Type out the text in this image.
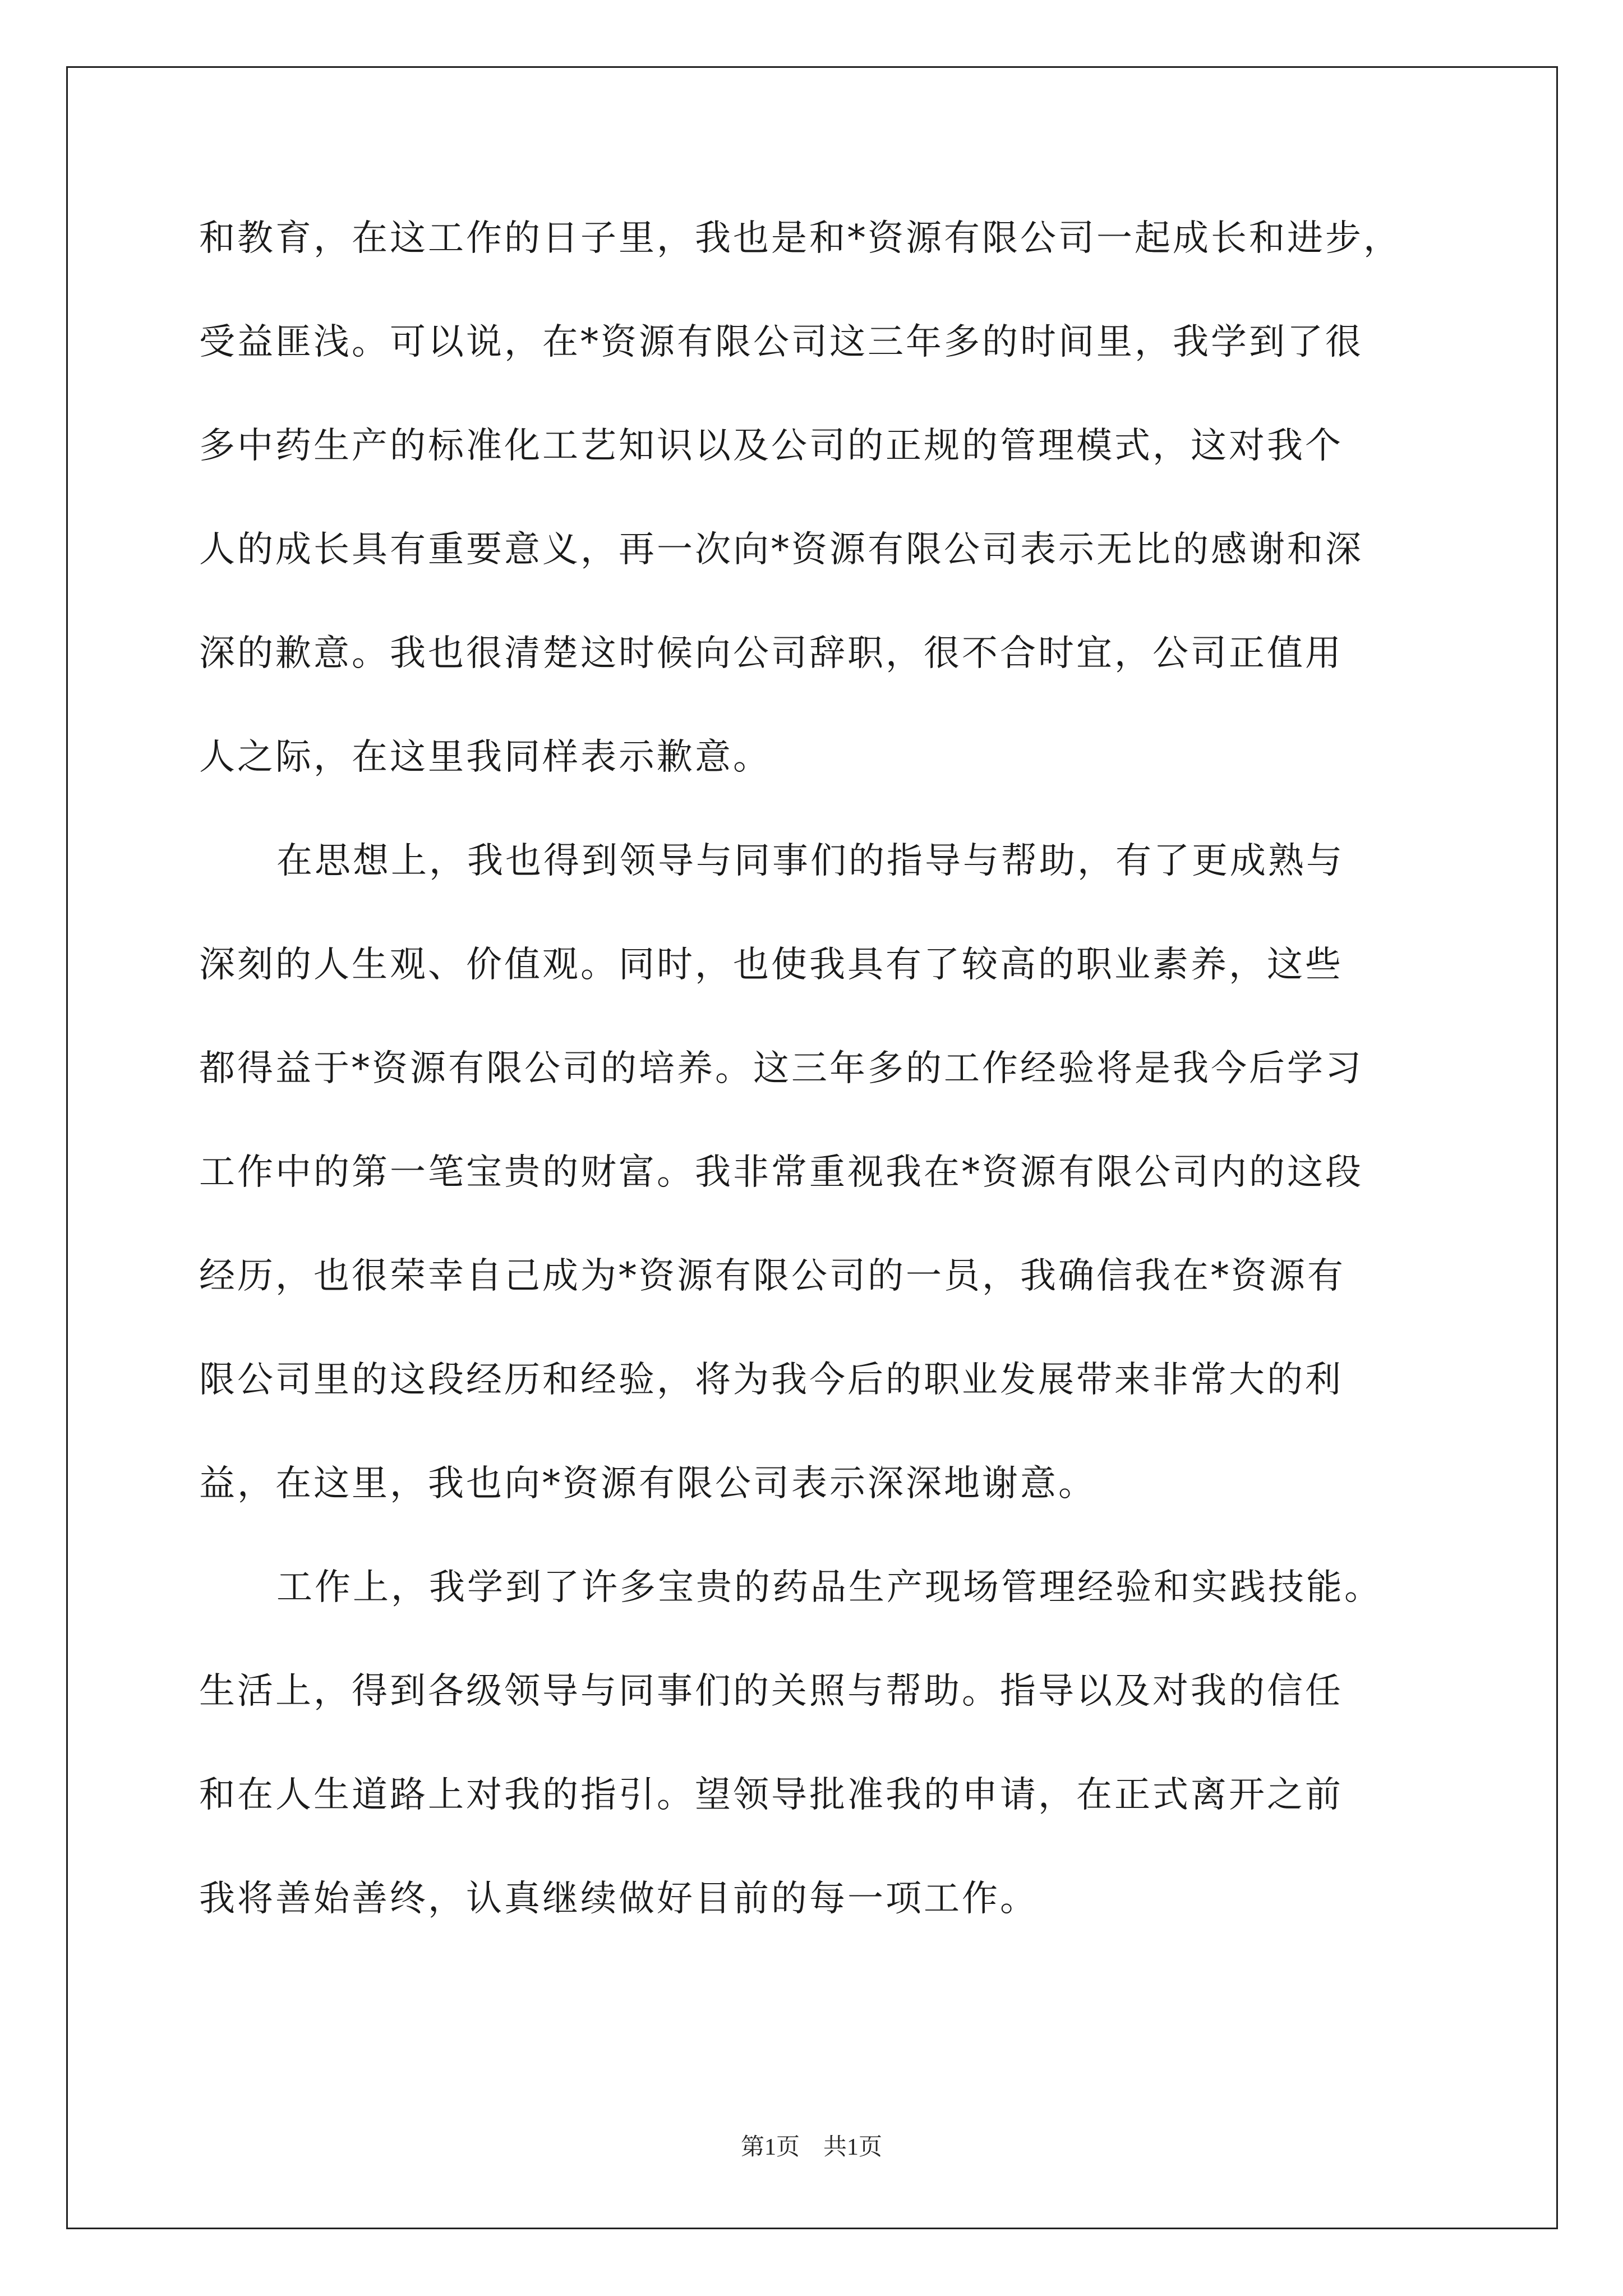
和教育，在这工作的日子里，我也是和*资源有限公司一起成长和进步，
受益匪浅。可以说，在*资源有限公司这三年多的时间里，我学到了很
多中药生产的标准化工艺知识以及公司的正规的管理模式，这对我个
人的成长具有重要意义，再一次向*资源有限公司表示无比的感谢和深
深的歉意。我也很清楚这时候向公司辞职，很不合时宜，公司正值用
人之际，在这里我同样表示歉意。
在思想上，我也得到领导与同事们的指导与帮助，有了更成熟与
深刻的人生观、价值观。同时，也使我具有了较高的职业素养，这些
都得益于*资源有限公司的培养。这三年多的工作经验将是我今后学习
工作中的第一笔宝贵的财富。我非常重视我在*资源有限公司内的这段
经历，也很荣幸自己成为*资源有限公司的一员，我确信我在*资源有
限公司里的这段经历和经验，将为我今后的职业发展带来非常大的利
益，在这里，我也向*资源有限公司表示深深地谢意。
工作上，我学到了许多宝贵的药品生产现场管理经验和实践技能。
生活上，得到各级领导与同事们的关照与帮助。指导以及对我的信任
和在人生道路上对我的指引。望领导批准我的申请，在正式离开之前
我将善始善终，认真继续做好目前的每一项工作。
第1页　共1页
